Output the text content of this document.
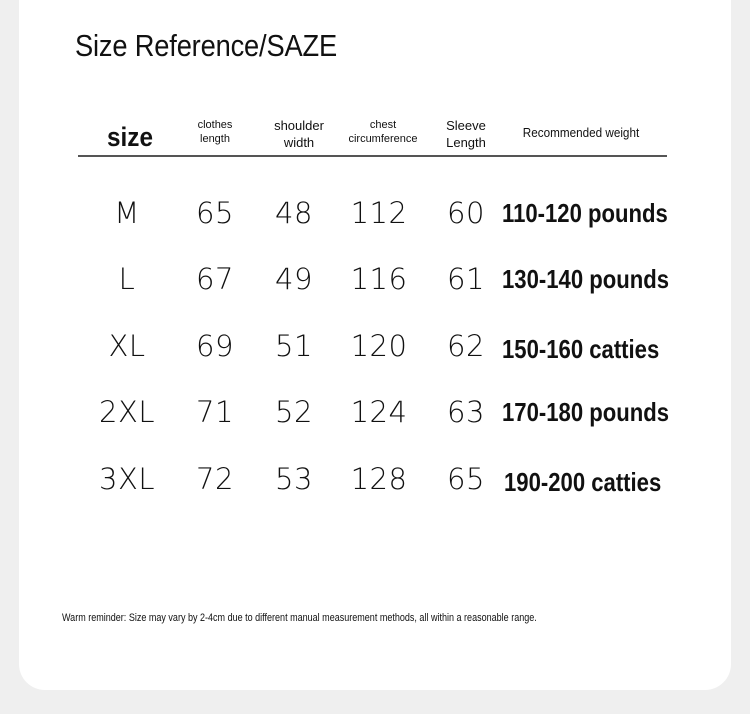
Size Reference/SAZE
size	clothes
length
shoulder
width
chest
circumference
Sleeve
Length
Recommended weight
M 65 48 112 60 110-120 pounds
L 67 49 116 61 130-140 pounds
XL 69 51 120 62 150-160 catties
2XL 71 52 124 63 170-180 pounds
3XL 72 53 128 65 190-200 catties
Warm reminder: Size may vary by 2-4cm due to different manual measurement methods, all within a reasonable range.
